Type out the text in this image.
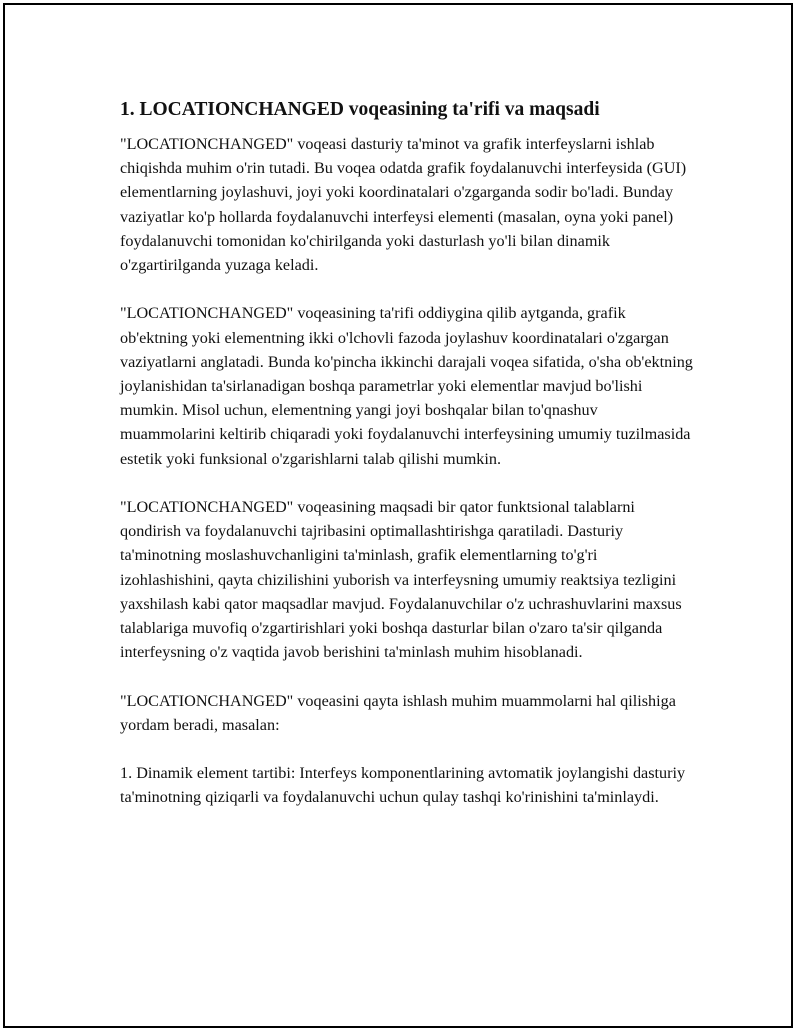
1. LOCATIONCHANGED voqeasining ta'rifi va maqsadi

"LOCATIONCHANGED" voqeasi dasturiy ta'minot va grafik interfeyslarni ishlab chiqishda muhim o'rin tutadi. Bu voqea odatda grafik foydalanuvchi interfeysida (GUI) elementlarning joylashuvi, joyi yoki koordinatalari o'zgarganda sodir bo'ladi. Bunday vaziyatlar ko'p hollarda foydalanuvchi interfeysi elementi (masalan, oyna yoki panel) foydalanuvchi tomonidan ko'chirilganda yoki dasturlash yo'li bilan dinamik o'zgartirilganda yuzaga keladi.

"LOCATIONCHANGED" voqeasining ta'rifi oddiygina qilib aytganda, grafik ob'ektning yoki elementning ikki o'lchovli fazoda joylashuv koordinatalari o'zgargan vaziyatlarni anglatadi. Bunda ko'pincha ikkinchi darajali voqea sifatida, o'sha ob'ektning joylanishidan ta'sirlanadigan boshqa parametrlar yoki elementlar mavjud bo'lishi mumkin. Misol uchun, elementning yangi joyi boshqalar bilan to'qnashuv muammolarini keltirib chiqaradi yoki foydalanuvchi interfeysining umumiy tuzilmasida estetik yoki funksional o'zgarishlarni talab qilishi mumkin.

"LOCATIONCHANGED" voqeasining maqsadi bir qator funktsional talablarni qondirish va foydalanuvchi tajribasini optimallashtirishga qaratiladi. Dasturiy ta'minotning moslashuvchanligini ta'minlash, grafik elementlarning to'g'ri izohlashishini, qayta chizilishini yuborish va interfeysning umumiy reaktsiya tezligini yaxshilash kabi qator maqsadlar mavjud. Foydalanuvchilar o'z uchrashuvlarini maxsus talablariga muvofiq o'zgartirishlari yoki boshqa dasturlar bilan o'zaro ta'sir qilganda interfeysning o'z vaqtida javob berishini ta'minlash muhim hisoblanadi.

"LOCATIONCHANGED" voqeasini qayta ishlash muhim muammolarni hal qilishiga yordam beradi, masalan:

1. Dinamik element tartibi: Interfeys komponentlarining avtomatik joylangishi dasturiy ta'minotning qiziqarli va foydalanuvchi uchun qulay tashqi ko'rinishini ta'minlaydi.
